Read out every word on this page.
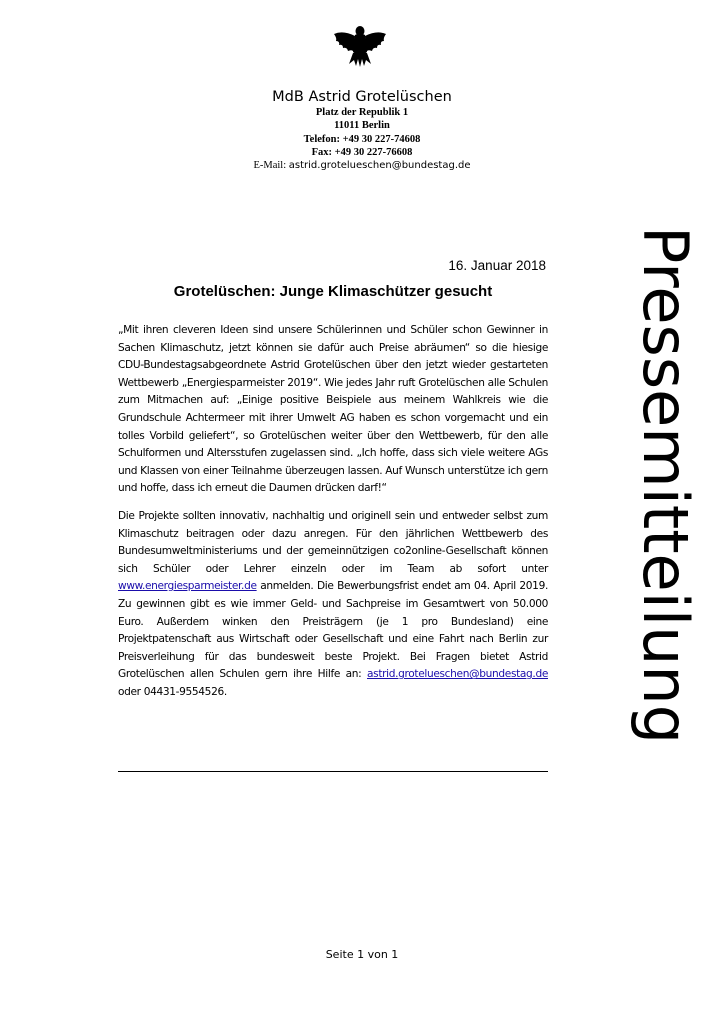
MdB Astrid Grotelüschen
Platz der Republik 1
11011 Berlin
Telefon: +49 30 227-74608
Fax: +49 30 227-76608
E-Mail: astrid.grotelueschen@bundestag.de
Pressemitteilung
16. Januar 2018
Grotelüschen: Junge Klimaschützer gesucht

„Mit ihren cleveren Ideen sind unsere Schülerinnen und Schüler schon Gewinner in Sachen Klimaschutz, jetzt können sie dafür auch Preise abräumen“ so die hiesige CDU-Bundestagsabgeordnete Astrid Grotelüschen über den jetzt wieder gestarteten Wettbewerb „Energiesparmeister 2019“. Wie jedes Jahr ruft Grotelüschen alle Schulen zum Mitmachen auf: „Einige positive Beispiele aus meinem Wahlkreis wie die Grundschule Achtermeer mit ihrer Umwelt AG haben es schon vorgemacht und ein tolles Vorbild geliefert“, so Grotelüschen weiter über den Wettbewerb, für den alle Schulformen und Altersstufen zugelassen sind. „Ich hoffe, dass sich viele weitere AGs und Klassen von einer Teilnahme überzeugen lassen. Auf Wunsch unterstütze ich gern und hoffe, dass ich erneut die Daumen drücken darf!“

Die Projekte sollten innovativ, nachhaltig und originell sein und entweder selbst zum Klimaschutz beitragen oder dazu anregen. Für den jährlichen Wettbewerb des Bundesumweltministeriums und der gemeinnützigen co2online-Gesellschaft können sich Schüler oder Lehrer einzeln oder im Team ab sofort unter www.energiesparmeister.de anmelden. Die Bewerbungsfrist endet am 04. April 2019. Zu gewinnen gibt es wie immer Geld- und Sachpreise im Gesamtwert von 50.000 Euro. Außerdem winken den Preisträgern (je 1 pro Bundesland) eine Projektpatenschaft aus Wirtschaft oder Gesellschaft und eine Fahrt nach Berlin zur Preisverleihung für das bundesweit beste Projekt. Bei Fragen bietet Astrid Grotelüschen allen Schulen gern ihre Hilfe an: astrid.grotelueschen@bundestag.de oder 04431-9554526.

Seite 1 von 1
